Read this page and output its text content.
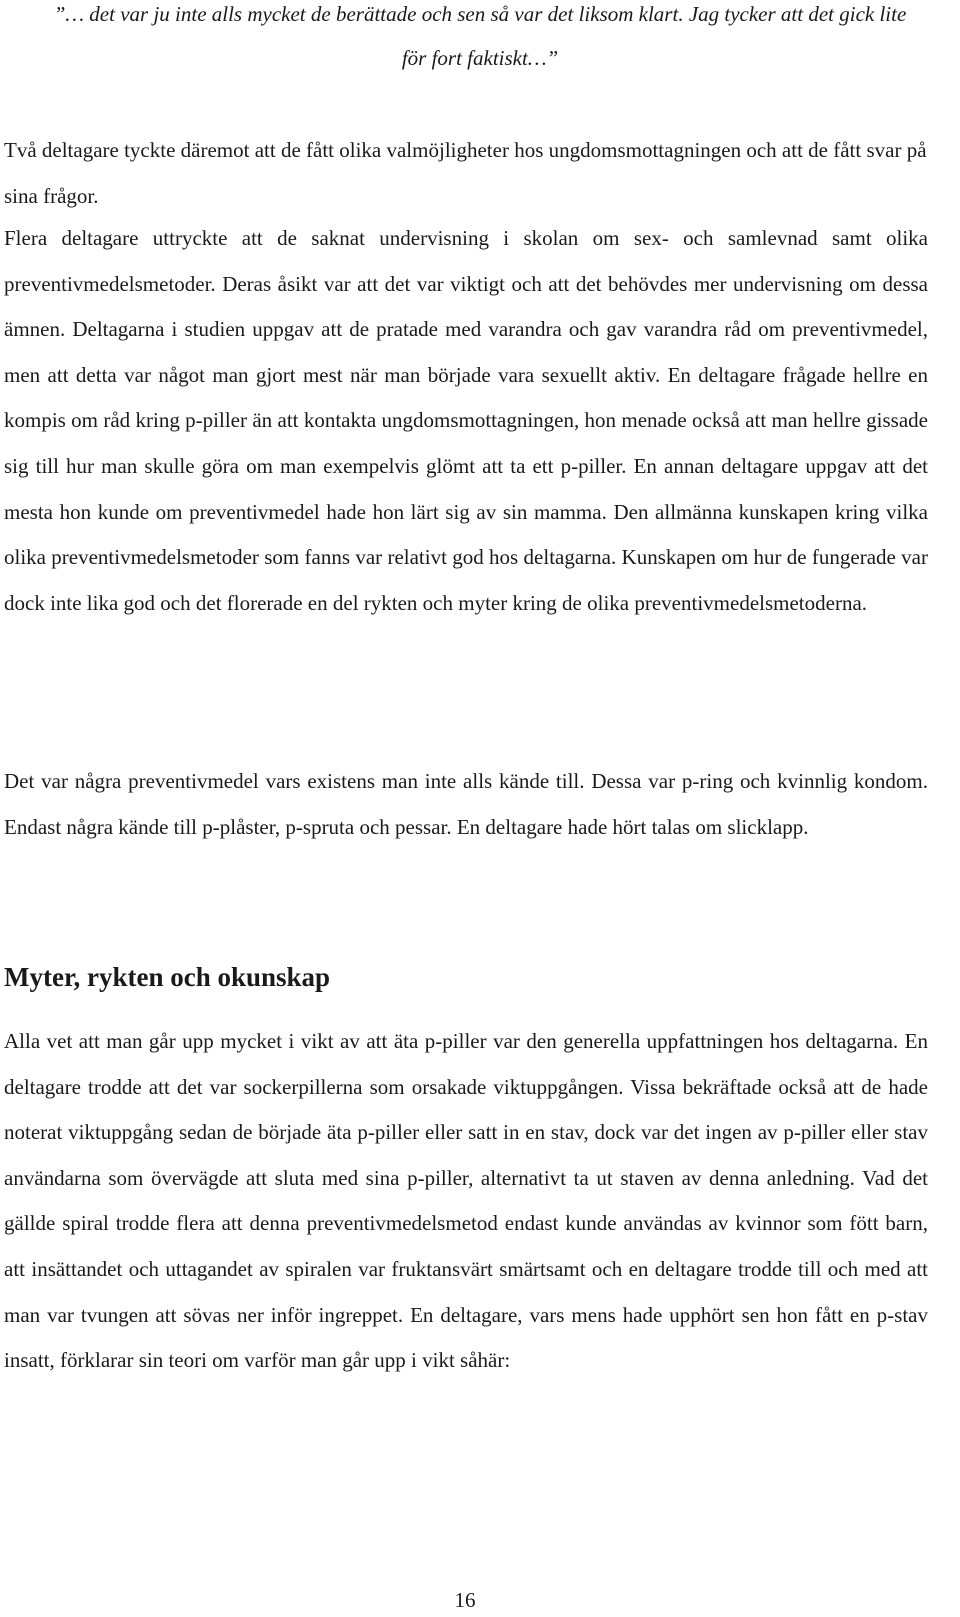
”… det var ju inte alls mycket de berättade och sen så var det liksom klart. Jag tycker att det gick lite för fort faktiskt…”

Två deltagare tyckte däremot att de fått olika valmöjligheter hos ungdomsmottagningen och att de fått svar på sina frågor.

Flera deltagare uttryckte att de saknat undervisning i skolan om sex- och samlevnad samt olika preventivmedelsmetoder. Deras åsikt var att det var viktigt och att det behövdes mer undervisning om dessa ämnen. Deltagarna i studien uppgav att de pratade med varandra och gav varandra råd om preventivmedel, men att detta var något man gjort mest när man började vara sexuellt aktiv. En deltagare frågade hellre en kompis om råd kring p-piller än att kontakta ungdomsmottagningen, hon menade också att man hellre gissade sig till hur man skulle göra om man exempelvis glömt att ta ett p-piller. En annan deltagare uppgav att det mesta hon kunde om preventivmedel hade hon lärt sig av sin mamma. Den allmänna kunskapen kring vilka olika preventivmedelsmetoder som fanns var relativt god hos deltagarna. Kunskapen om hur de fungerade var dock inte lika god och det florerade en del rykten och myter kring de olika preventivmedelsmetoderna.

Det var några preventivmedel vars existens man inte alls kände till. Dessa var p-ring och kvinnlig kondom. Endast några kände till p-plåster, p-spruta och pessar. En deltagare hade hört talas om slicklapp.

Myter, rykten och okunskap

Alla vet att man går upp mycket i vikt av att äta p-piller var den generella uppfattningen hos deltagarna. En deltagare trodde att det var sockerpillerna som orsakade viktuppgången. Vissa bekräftade också att de hade noterat viktuppgång sedan de började äta p-piller eller satt in en stav, dock var det ingen av p-piller eller stav användarna som övervägde att sluta med sina p-piller, alternativt ta ut staven av denna anledning. Vad det gällde spiral trodde flera att denna preventivmedelsmetod endast kunde användas av kvinnor som fött barn, att insättandet och uttagandet av spiralen var fruktansvärt smärtsamt och en deltagare trodde till och med att man var tvungen att sövas ner inför ingreppet. En deltagare, vars mens hade upphört sen hon fått en p-stav insatt, förklarar sin teori om varför man går upp i vikt såhär:

16
